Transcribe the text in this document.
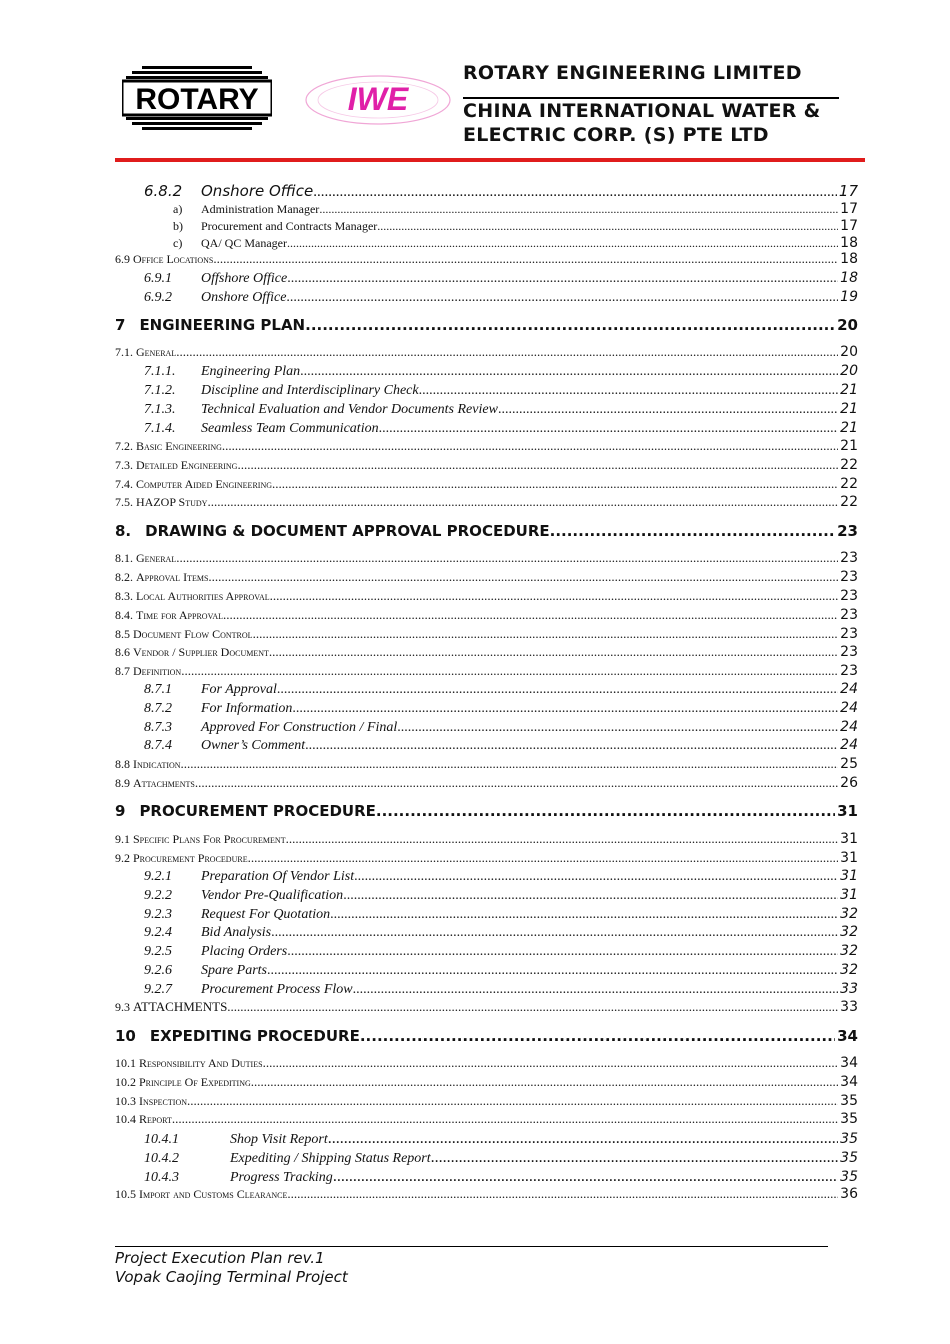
ROTARY	IWE
ROTARY ENGINEERING LIMITED
CHINA INTERNATIONAL WATER &
ELECTRIC CORP. (S) PTE LTD
6.8.2	Onshore Office .....	17
a)	Administration Manager .....	17
b)	Procurement and Contracts Manager .....	17
c)	QA/ QC Manager .....	18
6.9 Office Locations .....	18
6.9.1	Offshore Office .....	18
6.9.2	Onshore Office .....	19
7 ENGINEERING PLAN .....	20
7.1. General .....	20
7.1.1.	Engineering Plan .....	20
7.1.2.	Discipline and Interdisciplinary Check .....	21
7.1.3.	Technical Evaluation and Vendor Documents Review .....	21
7.1.4.	Seamless Team Communication .....	21
7.2. Basic Engineering .....	21
7.3. Detailed Engineering .....	22
7.4. Computer Aided Engineering .....	22
7.5. HAZOP Study .....	22
8. DRAWING & DOCUMENT APPROVAL PROCEDURE .....	23
8.1. General .....	23
8.2. Approval Items .....	23
8.3. Local Authorities Approval .....	23
8.4. Time for Approval .....	23
8.5 Document Flow Control .....	23
8.6 Vendor / Supplier Document .....	23
8.7 Definition .....	23
8.7.1	For Approval .....	24
8.7.2	For Information .....	24
8.7.3	Approved For Construction / Final .....	24
8.7.4	Owner’s Comment .....	24
8.8 Indication .....	25
8.9 Attachments .....	26
9 PROCUREMENT PROCEDURE .....	31
9.1 Specific Plans For Procurement .....	31
9.2 Procurement Procedure .....	31
9.2.1	Preparation Of Vendor List .....	31
9.2.2	Vendor Pre-Qualification .....	31
9.2.3	Request For Quotation .....	32
9.2.4	Bid Analysis .....	32
9.2.5	Placing Orders .....	32
9.2.6	Spare Parts .....	32
9.2.7	Procurement Process Flow .....	33
9.3 ATTACHMENTS .....	33
10 EXPEDITING PROCEDURE .....	34
10.1 Responsibility And Duties .....	34
10.2 Principle Of Expediting .....	34
10.3 Inspection .....	35
10.4 Report .....	35
10.4.1	Shop Visit Report .....	35
10.4.2	Expediting / Shipping Status Report .....	35
10.4.3	Progress Tracking .....	35
10.5 Import and Customs Clearance .....	36
Project Execution Plan rev.1
Vopak Caojing Terminal Project
